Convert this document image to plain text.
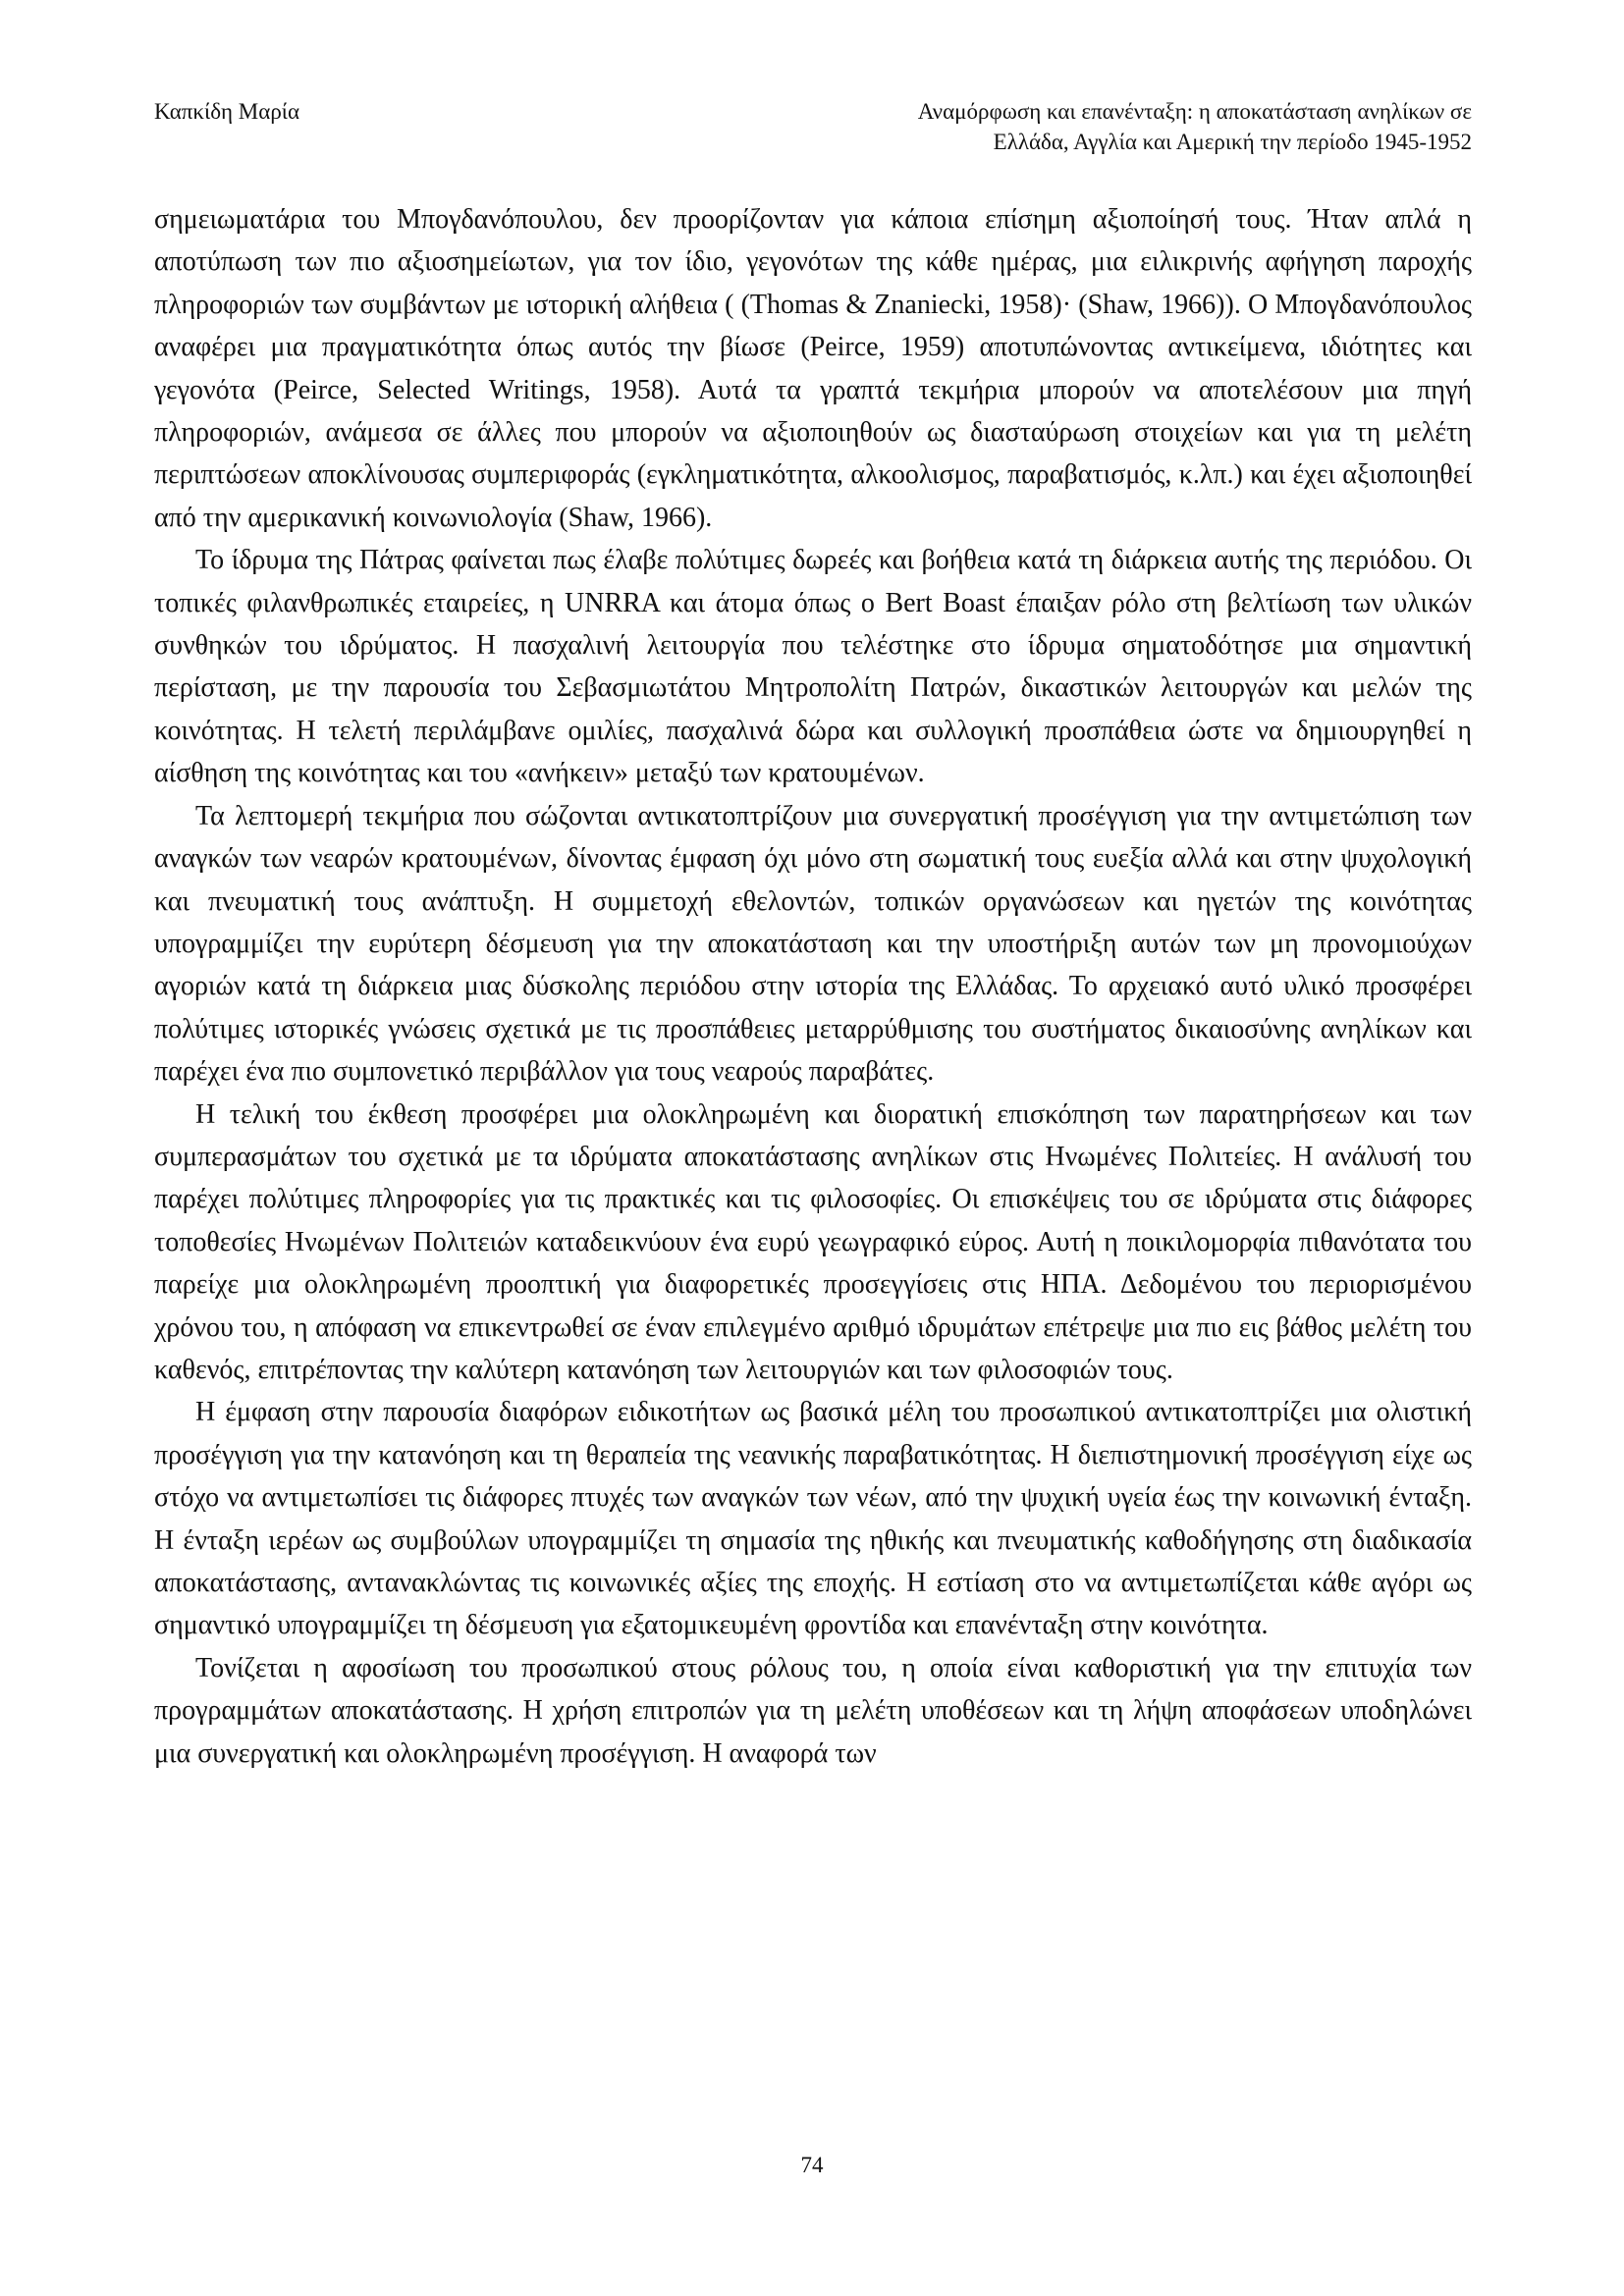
Καπκίδη Μαρία	Αναμόρφωση και επανένταξη: η αποκατάσταση ανηλίκων σε
Ελλάδα, Αγγλία και Αμερική την περίοδο 1945-1952

σημειωματάρια του Μπογδανόπουλου, δεν προορίζονταν για κάποια επίσημη αξιοποίησή τους. Ήταν απλά η αποτύπωση των πιο αξιοσημείωτων, για τον ίδιο, γεγονότων της κάθε ημέρας, μια ειλικρινής αφήγηση παροχής πληροφοριών των συμβάντων με ιστορική αλήθεια ( (Thomas & Znaniecki, 1958)· (Shaw, 1966)). Ο Μπογδανόπουλος αναφέρει μια πραγματικότητα όπως αυτός την βίωσε (Peirce, 1959) αποτυπώνοντας αντικείμενα, ιδιότητες και γεγονότα (Peirce, Selected Writings, 1958). Αυτά τα γραπτά τεκμήρια μπορούν να αποτελέσουν μια πηγή πληροφοριών, ανάμεσα σε άλλες που μπορούν να αξιοποιηθούν ως διασταύρωση στοιχείων και για τη μελέτη περιπτώσεων αποκλίνουσας συμπεριφοράς (εγκληματικότητα, αλκοολισμος, παραβατισμός, κ.λπ.) και έχει αξιοποιηθεί από την αμερικανική κοινωνιολογία (Shaw, 1966).

Το ίδρυμα της Πάτρας φαίνεται πως έλαβε πολύτιμες δωρεές και βοήθεια κατά τη διάρκεια αυτής της περιόδου. Οι τοπικές φιλανθρωπικές εταιρείες, η UNRRA και άτομα όπως ο Bert Boast έπαιξαν ρόλο στη βελτίωση των υλικών συνθηκών του ιδρύματος. Η πασχαλινή λειτουργία που τελέστηκε στο ίδρυμα σηματοδότησε μια σημαντική περίσταση, με την παρουσία του Σεβασμιωτάτου Μητροπολίτη Πατρών, δικαστικών λειτουργών και μελών της κοινότητας. Η τελετή περιλάμβανε ομιλίες, πασχαλινά δώρα και συλλογική προσπάθεια ώστε να δημιουργηθεί η αίσθηση της κοινότητας και του «ανήκειν» μεταξύ των κρατουμένων.

Τα λεπτομερή τεκμήρια που σώζονται αντικατοπτρίζουν μια συνεργατική προσέγγιση για την αντιμετώπιση των αναγκών των νεαρών κρατουμένων, δίνοντας έμφαση όχι μόνο στη σωματική τους ευεξία αλλά και στην ψυχολογική και πνευματική τους ανάπτυξη. Η συμμετοχή εθελοντών, τοπικών οργανώσεων και ηγετών της κοινότητας υπογραμμίζει την ευρύτερη δέσμευση για την αποκατάσταση και την υποστήριξη αυτών των μη προνομιούχων αγοριών κατά τη διάρκεια μιας δύσκολης περιόδου στην ιστορία της Ελλάδας. Το αρχειακό αυτό υλικό προσφέρει πολύτιμες ιστορικές γνώσεις σχετικά με τις προσπάθειες μεταρρύθμισης του συστήματος δικαιοσύνης ανηλίκων και παρέχει ένα πιο συμπονετικό περιβάλλον για τους νεαρούς παραβάτες.

Η τελική του έκθεση προσφέρει μια ολοκληρωμένη και διορατική επισκόπηση των παρατηρήσεων και των συμπερασμάτων του σχετικά με τα ιδρύματα αποκατάστασης ανηλίκων στις Ηνωμένες Πολιτείες. Η ανάλυσή του παρέχει πολύτιμες πληροφορίες για τις πρακτικές και τις φιλοσοφίες. Οι επισκέψεις του σε ιδρύματα στις διάφορες τοποθεσίες Ηνωμένων Πολιτειών καταδεικνύουν ένα ευρύ γεωγραφικό εύρος. Αυτή η ποικιλομορφία πιθανότατα του παρείχε μια ολοκληρωμένη προοπτική για διαφορετικές προσεγγίσεις στις ΗΠΑ. Δεδομένου του περιορισμένου χρόνου του, η απόφαση να επικεντρωθεί σε έναν επιλεγμένο αριθμό ιδρυμάτων επέτρεψε μια πιο εις βάθος μελέτη του καθενός, επιτρέποντας την καλύτερη κατανόηση των λειτουργιών και των φιλοσοφιών τους.

Η έμφαση στην παρουσία διαφόρων ειδικοτήτων ως βασικά μέλη του προσωπικού αντικατοπτρίζει μια ολιστική προσέγγιση για την κατανόηση και τη θεραπεία της νεανικής παραβατικότητας. Η διεπιστημονική προσέγγιση είχε ως στόχο να αντιμετωπίσει τις διάφορες πτυχές των αναγκών των νέων, από την ψυχική υγεία έως την κοινωνική ένταξη. Η ένταξη ιερέων ως συμβούλων υπογραμμίζει τη σημασία της ηθικής και πνευματικής καθοδήγησης στη διαδικασία αποκατάστασης, αντανακλώντας τις κοινωνικές αξίες της εποχής. Η εστίαση στο να αντιμετωπίζεται κάθε αγόρι ως σημαντικό υπογραμμίζει τη δέσμευση για εξατομικευμένη φροντίδα και επανένταξη στην κοινότητα.

Τονίζεται η αφοσίωση του προσωπικού στους ρόλους του, η οποία είναι καθοριστική για την επιτυχία των προγραμμάτων αποκατάστασης. Η χρήση επιτροπών για τη μελέτη υποθέσεων και τη λήψη αποφάσεων υποδηλώνει μια συνεργατική και ολοκληρωμένη προσέγγιση. Η αναφορά των

74
